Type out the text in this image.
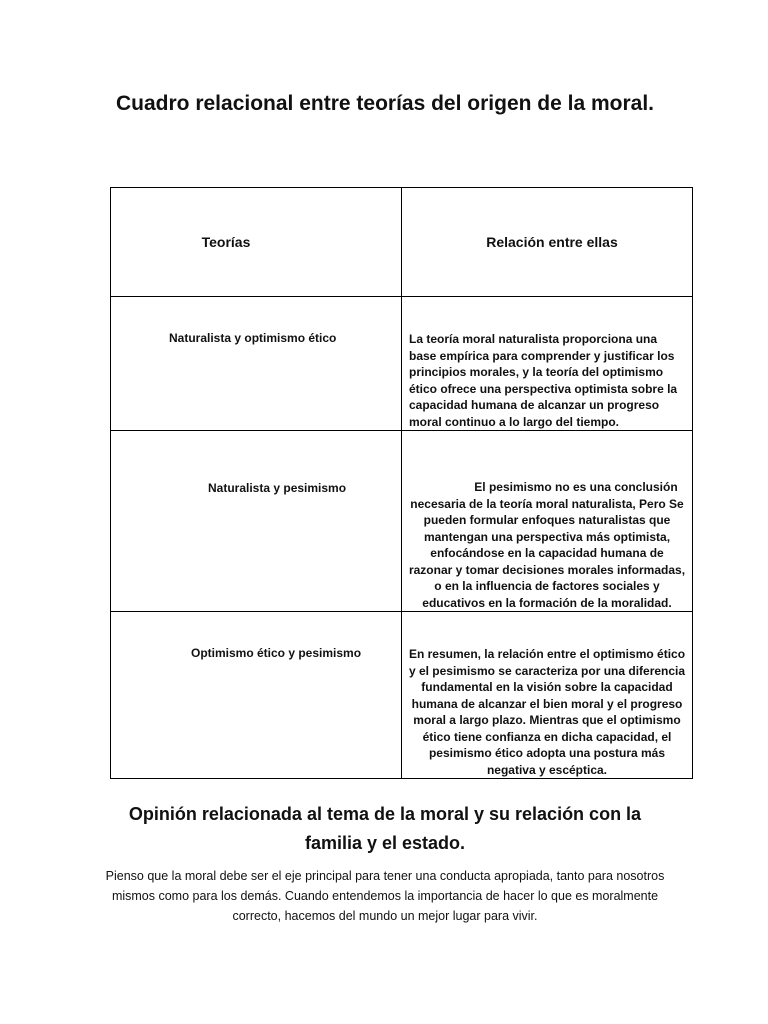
Cuadro relacional entre teorías del origen de la moral.
Teorías	Relación entre ellas

Naturalista y optimismo ético	La teoría moral naturalista proporciona una base empírica para comprender y justificar los principios morales, y la teoría del optimismo ético ofrece una perspectiva optimista sobre la capacidad humana de alcanzar un progreso moral continuo a lo largo del tiempo.

Naturalista y pesimismo	El pesimismo no es una conclusión necesaria de la teoría moral naturalista, Pero Se pueden formular enfoques naturalistas que mantengan una perspectiva más optimista, enfocándose en la capacidad humana de razonar y tomar decisiones morales informadas, o en la influencia de factores sociales y educativos en la formación de la moralidad.

Optimismo ético y pesimismo	En resumen, la relación entre el optimismo ético y el pesimismo se caracteriza por una diferencia fundamental en la visión sobre la capacidad humana de alcanzar el bien moral y el progreso moral a largo plazo. Mientras que el optimismo ético tiene confianza en dicha capacidad, el pesimismo ético adopta una postura más negativa y escéptica.
Opinión relacionada al tema de la moral y su relación con la familia y el estado.
Pienso que la moral debe ser el eje principal para tener una conducta apropiada, tanto para nosotros mismos como para los demás. Cuando entendemos la importancia de hacer lo que es moralmente correcto, hacemos del mundo un mejor lugar para vivir.
